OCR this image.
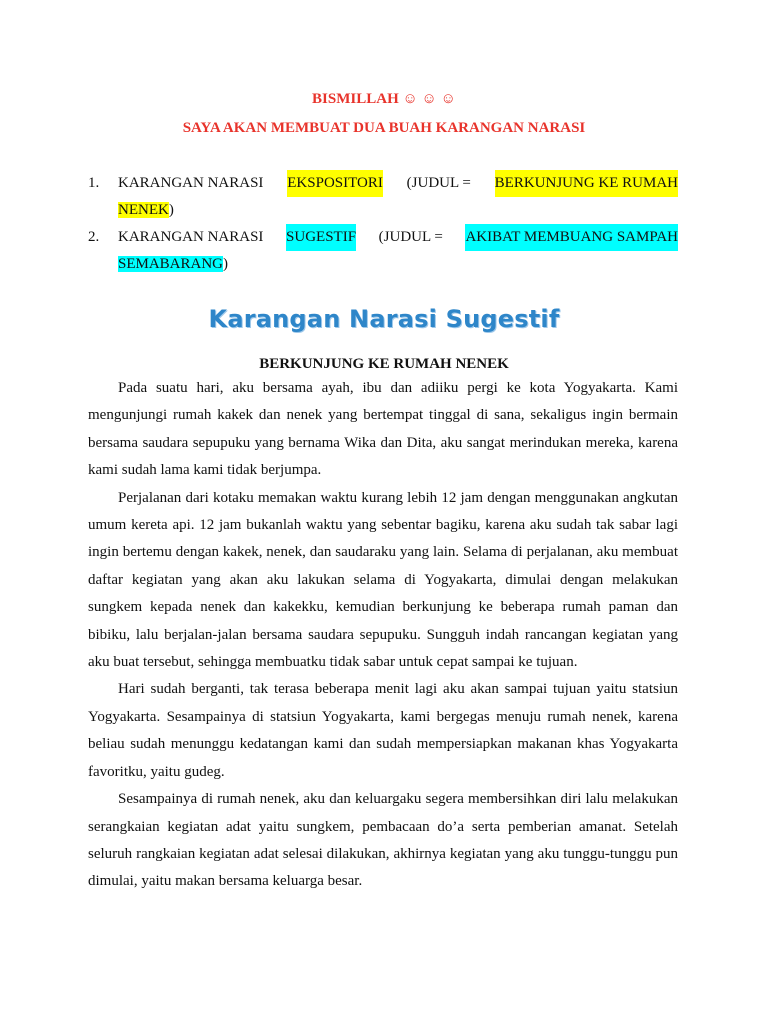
BISMILLAH ☺ ☺ ☺
SAYA AKAN MEMBUAT DUA BUAH KARANGAN NARASI
1. KARANGAN NARASI EKSPOSITORI (JUDUL = BERKUNJUNG KE RUMAH
NENEK)
2. KARANGAN NARASI SUGESTIF (JUDUL = AKIBAT MEMBUANG SAMPAH
SEMABARANG)
Karangan Narasi Sugestif
BERKUNJUNG KE RUMAH NENEK

Pada suatu hari, aku bersama ayah, ibu dan adiiku pergi ke kota Yogyakarta. Kami mengunjungi rumah kakek dan nenek yang bertempat tinggal di sana, sekaligus ingin bermain bersama saudara sepupuku yang bernama Wika dan Dita, aku sangat merindukan mereka, karena kami sudah lama kami tidak berjumpa.

Perjalanan dari kotaku memakan waktu kurang lebih 12 jam dengan menggunakan angkutan umum kereta api. 12 jam bukanlah waktu yang sebentar bagiku, karena aku sudah tak sabar lagi ingin bertemu dengan kakek, nenek, dan saudaraku yang lain. Selama di perjalanan, aku membuat daftar kegiatan yang akan aku lakukan selama di Yogyakarta, dimulai dengan melakukan sungkem kepada nenek dan kakekku, kemudian berkunjung ke beberapa rumah paman dan bibiku, lalu berjalan-jalan bersama saudara sepupuku. Sungguh indah rancangan kegiatan yang aku buat tersebut, sehingga membuatku tidak sabar untuk cepat sampai ke tujuan.

Hari sudah berganti, tak terasa beberapa menit lagi aku akan sampai tujuan yaitu statsiun Yogyakarta. Sesampainya di statsiun Yogyakarta, kami bergegas menuju rumah nenek, karena beliau sudah menunggu kedatangan kami dan sudah mempersiapkan makanan khas Yogyakarta favoritku, yaitu gudeg.

Sesampainya di rumah nenek, aku dan keluargaku segera membersihkan diri lalu melakukan serangkaian kegiatan adat yaitu sungkem, pembacaan do’a serta pemberian amanat. Setelah seluruh rangkaian kegiatan adat selesai dilakukan, akhirnya kegiatan yang aku tunggu-tunggu pun dimulai, yaitu makan bersama keluarga besar.
